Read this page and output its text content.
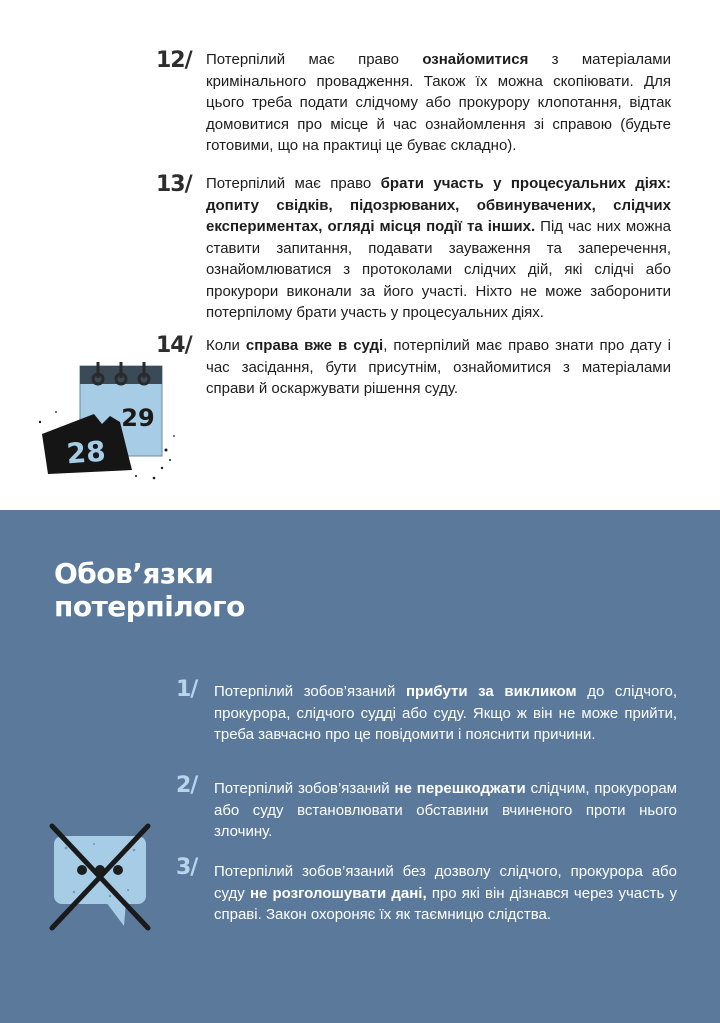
12/ Потерпілий має право ознайомитися з матеріалами кримінального провадження. Також їх можна скопіювати. Для цього треба подати слідчому або прокурору клопотання, відтак домовитися про місце й час ознайомлення зі справою (будьте готовими, що на практиці це буває складно).

13/ Потерпілий має право брати участь у процесуальних діях: допиту свідків, підозрюваних, обвинувачених, слідчих експериментах, огляді місця події та інших. Під час них можна ставити запитання, подавати зауваження та заперечення, ознайомлюватися з протоколами слідчих дій, які слідчі або прокурори виконали за його участі. Ніхто не може заборонити потерпілому брати участь у процесуальних діях.

14/ Коли справа вже в суді, потерпілий має право знати про дату і час засідання, бути присутнім, ознайомитися з матеріалами справи й оскаржувати рішення суду.

29
28
Обов’язки
потерпілого
1/ Потерпілий зобов’язаний прибути за викликом до слідчого, прокурора, слідчого судді або суду. Якщо ж він не може прийти, треба завчасно про це повідомити і пояснити причини.

2/ Потерпілий зобов’язаний не перешкоджати слідчим, прокурорам або суду встановлювати обставини вчиненого проти нього злочину.

3/ Потерпілий зобов’язаний без дозволу слідчого, прокурора або суду не розголошувати дані, про які він дізнався через участь у справі. Закон охороняє їх як таємницю слідства.
